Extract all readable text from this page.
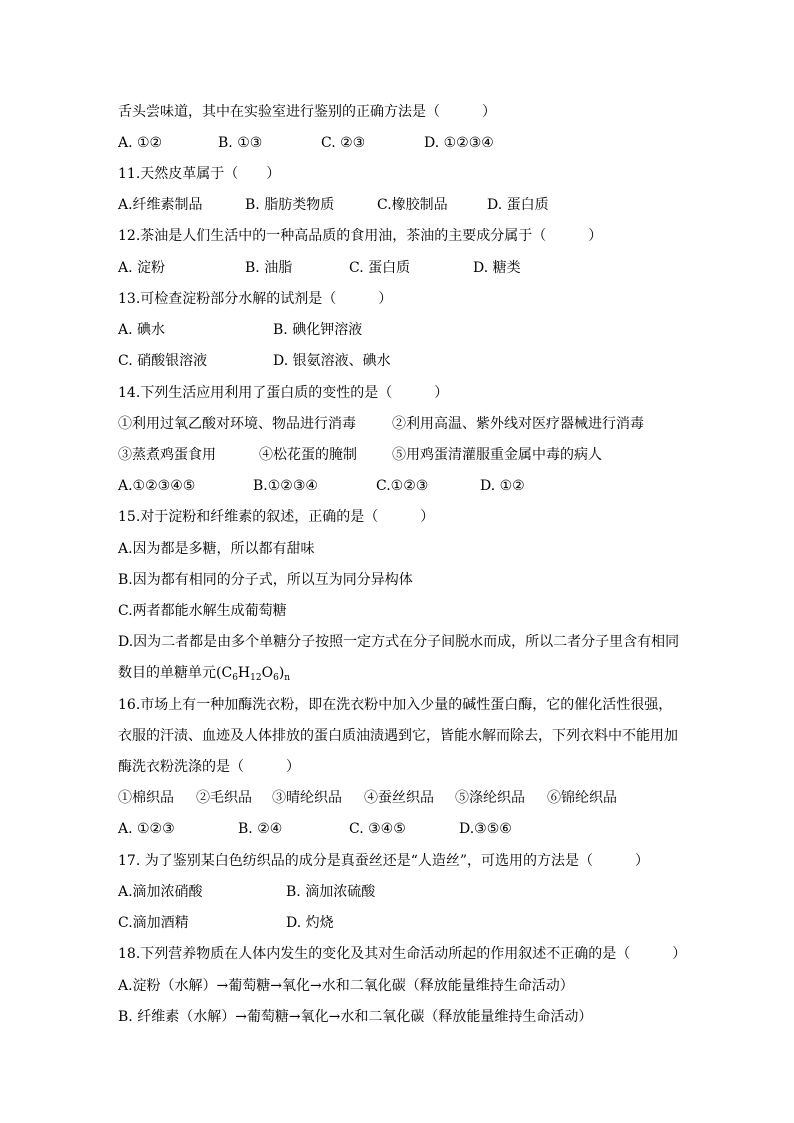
舌头尝味道，其中在实验室进行鉴别的正确方法是（　　　）
A. ①②	B. ①③	C. ②③	D. ①②③④
11.天然皮革属于（　　）
A.纤维素制品	B. 脂肪类物质	C.橡胶制品	D. 蛋白质
12.茶油是人们生活中的一种高品质的食用油，茶油的主要成分属于（　　　）
A. 淀粉	B. 油脂	C. 蛋白质	D. 糖类
13.可检查淀粉部分水解的试剂是（　　　）
A. 碘水	B. 碘化钾溶液
C. 硝酸银溶液	D. 银氨溶液、碘水
14.下列生活应用利用了蛋白质的变性的是（　　　）
①利用过氧乙酸对环境、物品进行消毒	②利用高温、紫外线对医疗器械进行消毒
③蒸煮鸡蛋食用	④松花蛋的腌制	⑤用鸡蛋清灌服重金属中毒的病人
A.①②③④⑤	B.①②③④	C.①②③	D. ①②
15.对于淀粉和纤维素的叙述，正确的是（　　　）
A.因为都是多糖，所以都有甜味
B.因为都有相同的分子式，所以互为同分异构体
C.两者都能水解生成葡萄糖
D.因为二者都是由多个单糖分子按照一定方式在分子间脱水而成，所以二者分子里含有相同
数目的单糖单元$(C_6H_{12}O_6)_n$
16.市场上有一种加酶洗衣粉，即在洗衣粉中加入少量的碱性蛋白酶，它的催化活性很强，
衣服的汗渍、血迹及人体排放的蛋白质油渍遇到它，皆能水解而除去，下列衣料中不能用加
酶洗衣粉洗涤的是（　　　）
①棉织品 ②毛织品 ③晴纶织品 ④蚕丝织品 ⑤涤纶织品 ⑥锦纶织品
A. ①②③	B. ②④	C. ③④⑤	D.③⑤⑥
17. 为了鉴别某白色纺织品的成分是真蚕丝还是“人造丝”，可选用的方法是（　　　）
A.滴加浓硝酸	B. 滴加浓硫酸
C.滴加酒精	D. 灼烧
18.下列营养物质在人体内发生的变化及其对生命活动所起的作用叙述不正确的是（　　　）
A.淀粉（水解）→葡萄糖→氧化→水和二氧化碳（释放能量维持生命活动）
B. 纤维素（水解）→葡萄糖→氧化→水和二氧化碳（释放能量维持生命活动）
